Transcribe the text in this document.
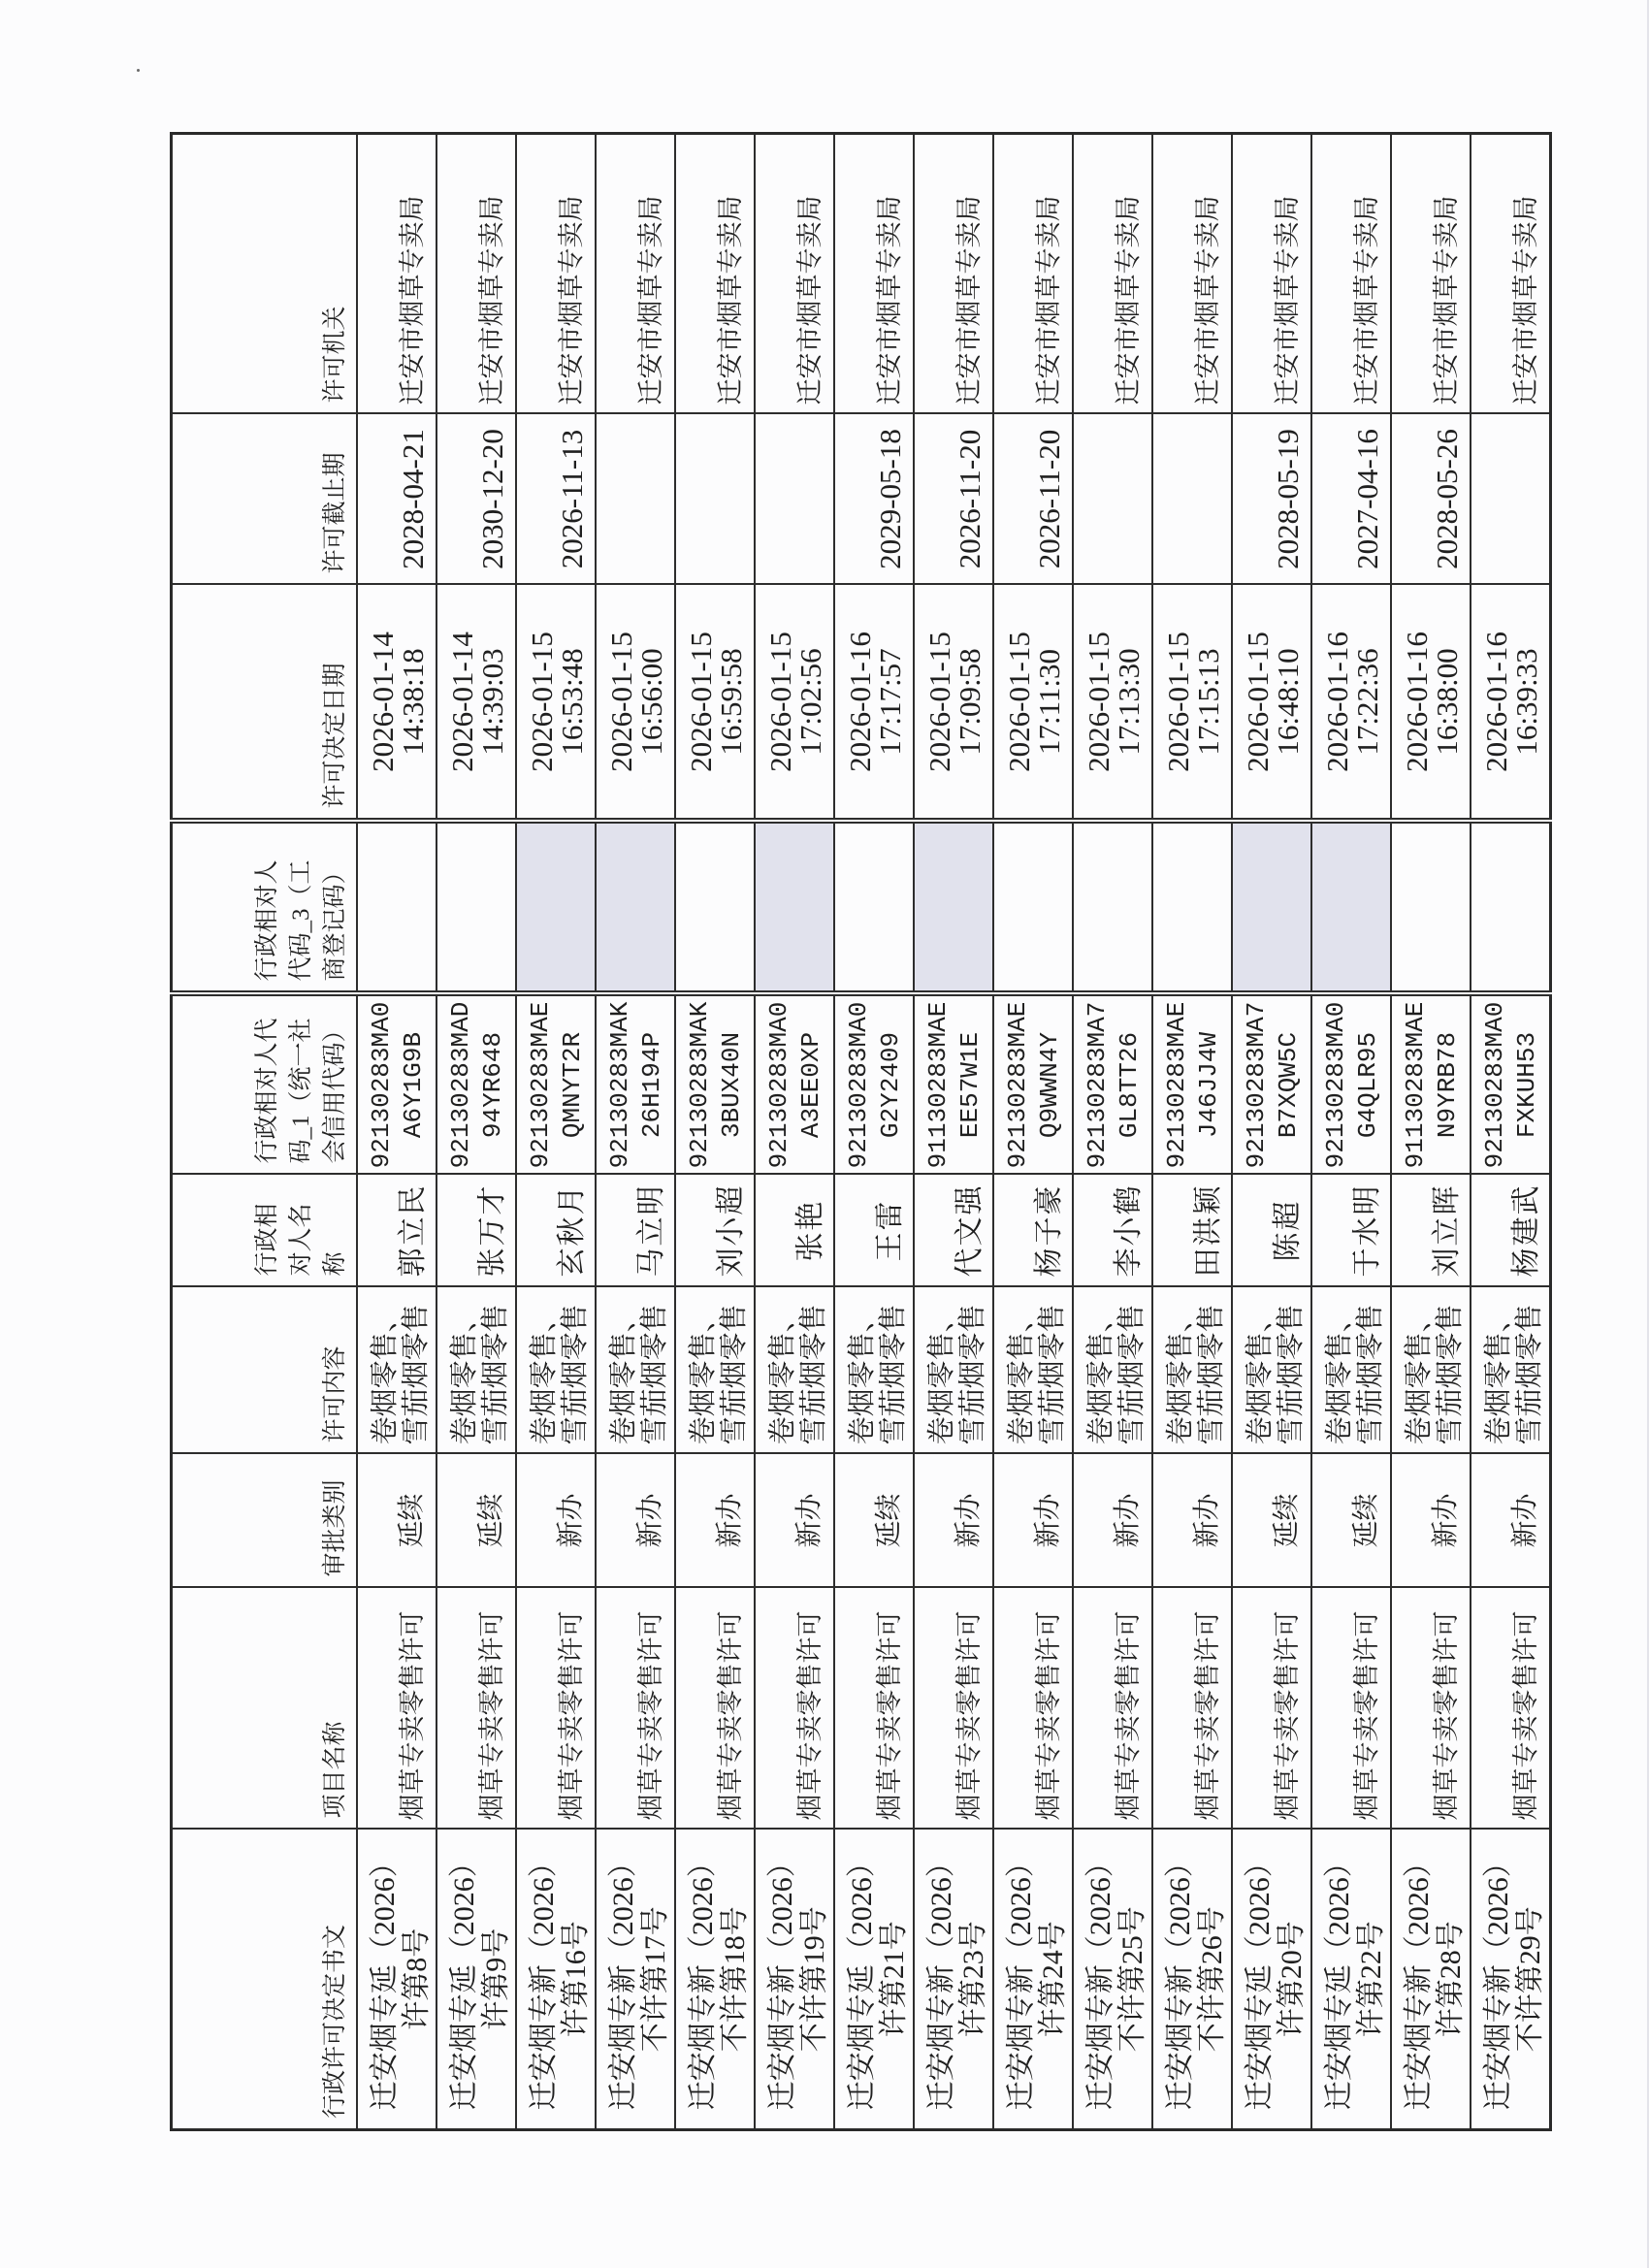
行政许可决定书文	项目名称	审批类别	许可内容	行政相对人名称	行政相对人代码_1（统一社会信用代码）	行政相对人代码_3（工商登记码）	许可决定日期	许可截止期	许可机关
迁安烟专延（2026）许第8号	烟草专卖零售许可	延续	卷烟零售、雪茄烟零售	郭立民	92130283MA0A6Y1G9B		2026-01-14 14:38:18	2028-04-21	迁安市烟草专卖局
迁安烟专延（2026）许第9号	烟草专卖零售许可	延续	卷烟零售、雪茄烟零售	张万才	92130283MAD94YR648		2026-01-14 14:39:03	2030-12-20	迁安市烟草专卖局
迁安烟专新（2026）许第16号	烟草专卖零售许可	新办	卷烟零售、雪茄烟零售	玄秋月	92130283MAEQMNYT2R		2026-01-15 16:53:48	2026-11-13	迁安市烟草专卖局
迁安烟专新（2026）不许第17号	烟草专卖零售许可	新办	卷烟零售、雪茄烟零售	马立明	92130283MAK26H194P		2026-01-15 16:56:00		迁安市烟草专卖局
迁安烟专新（2026）不许第18号	烟草专卖零售许可	新办	卷烟零售、雪茄烟零售	刘小超	92130283MAK3BUX40N		2026-01-15 16:59:58		迁安市烟草专卖局
迁安烟专新（2026）不许第19号	烟草专卖零售许可	新办	卷烟零售、雪茄烟零售	张艳	92130283MA0A3EE0XP		2026-01-15 17:02:56		迁安市烟草专卖局
迁安烟专延（2026）许第21号	烟草专卖零售许可	延续	卷烟零售、雪茄烟零售	王雷	92130283MA0G2Y2409		2026-01-16 17:17:57	2029-05-18	迁安市烟草专卖局
迁安烟专新（2026）许第23号	烟草专卖零售许可	新办	卷烟零售、雪茄烟零售	代文强	91130283MAEEE57W1E		2026-01-15 17:09:58	2026-11-20	迁安市烟草专卖局
迁安烟专新（2026）许第24号	烟草专卖零售许可	新办	卷烟零售、雪茄烟零售	杨子豪	92130283MAEQ9WWN4Y		2026-01-15 17:11:30	2026-11-20	迁安市烟草专卖局
迁安烟专新（2026）不许第25号	烟草专卖零售许可	新办	卷烟零售、雪茄烟零售	李小鹤	92130283MA7GL8TT26		2026-01-15 17:13:30		迁安市烟草专卖局
迁安烟专新（2026）不许第26号	烟草专卖零售许可	新办	卷烟零售、雪茄烟零售	田洪颖	92130283MAEJ46JJ4W		2026-01-15 17:15:13		迁安市烟草专卖局
迁安烟专延（2026）许第20号	烟草专卖零售许可	延续	卷烟零售、雪茄烟零售	陈超	92130283MA7B7XQW5C		2026-01-15 16:48:10	2028-05-19	迁安市烟草专卖局
迁安烟专延（2026）许第22号	烟草专卖零售许可	延续	卷烟零售、雪茄烟零售	于水明	92130283MA0G4QLR95		2026-01-16 17:22:36	2027-04-16	迁安市烟草专卖局
迁安烟专新（2026）许第28号	烟草专卖零售许可	新办	卷烟零售、雪茄烟零售	刘立晖	91130283MAEN9YRB78		2026-01-16 16:38:00	2028-05-26	迁安市烟草专卖局
迁安烟专新（2026）不许第29号	烟草专卖零售许可	新办	卷烟零售、雪茄烟零售	杨建武	92130283MA0FXKUH53		2026-01-16 16:39:33		迁安市烟草专卖局
